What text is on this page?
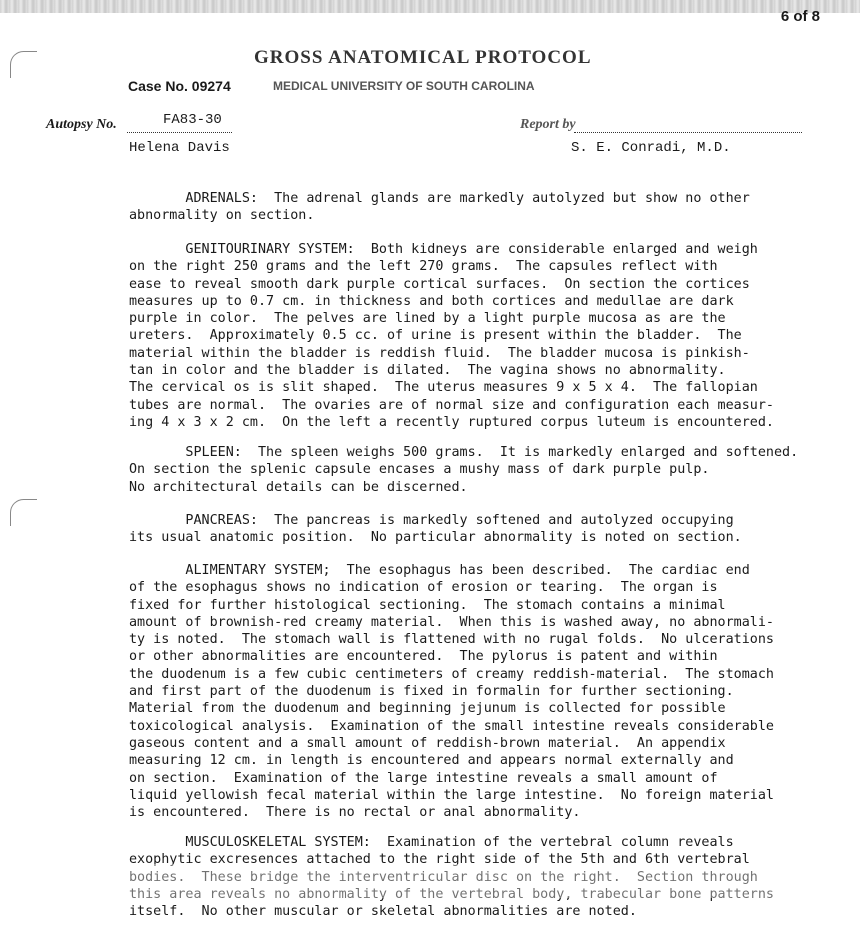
6 of 8
GROSS ANATOMICAL PROTOCOL
Case No. 09274	MEDICAL UNIVERSITY OF SOUTH CAROLINA
Autopsy No.	FA83-30	Report by
Helena Davis	S. E. Conradi, M.D.
ADRENALS:  The adrenal glands are markedly autolyzed but show no other
abnormality on section.
GENITOURINARY SYSTEM:  Both kidneys are considerable enlarged and weigh
on the right 250 grams and the left 270 grams.  The capsules reflect with
ease to reveal smooth dark purple cortical surfaces.  On section the cortices
measures up to 0.7 cm. in thickness and both cortices and medullae are dark
purple in color.  The pelves are lined by a light purple mucosa as are the
ureters.  Approximately 0.5 cc. of urine is present within the bladder.  The
material within the bladder is reddish fluid.  The bladder mucosa is pinkish-
tan in color and the bladder is dilated.  The vagina shows no abnormality.
The cervical os is slit shaped.  The uterus measures 9 x 5 x 4.  The fallopian
tubes are normal.  The ovaries are of normal size and configuration each measur-
ing 4 x 3 x 2 cm.  On the left a recently ruptured corpus luteum is encountered.
SPLEEN:  The spleen weighs 500 grams.  It is markedly enlarged and softened.
On section the splenic capsule encases a mushy mass of dark purple pulp.
No architectural details can be discerned.
PANCREAS:  The pancreas is markedly softened and autolyzed occupying
its usual anatomic position.  No particular abnormality is noted on section.
ALIMENTARY SYSTEM;  The esophagus has been described.  The cardiac end
of the esophagus shows no indication of erosion or tearing.  The organ is
fixed for further histological sectioning.  The stomach contains a minimal
amount of brownish-red creamy material.  When this is washed away, no abnormali-
ty is noted.  The stomach wall is flattened with no rugal folds.  No ulcerations
or other abnormalities are encountered.  The pylorus is patent and within
the duodenum is a few cubic centimeters of creamy reddish-material.  The stomach
and first part of the duodenum is fixed in formalin for further sectioning.
Material from the duodenum and beginning jejunum is collected for possible
toxicological analysis.  Examination of the small intestine reveals considerable
gaseous content and a small amount of reddish-brown material.  An appendix
measuring 12 cm. in length is encountered and appears normal externally and
on section.  Examination of the large intestine reveals a small amount of
liquid yellowish fecal material within the large intestine.  No foreign material
is encountered.  There is no rectal or anal abnormality.
MUSCULOSKELETAL SYSTEM:  Examination of the vertebral column reveals
exophytic excresences attached to the right side of the 5th and 6th vertebral
bodies.  These bridge the interventricular disc on the right.  Section through
this area reveals no abnormality of the vertebral body, trabecular bone patterns
itself.  No other muscular or skeletal abnormalities are noted.
